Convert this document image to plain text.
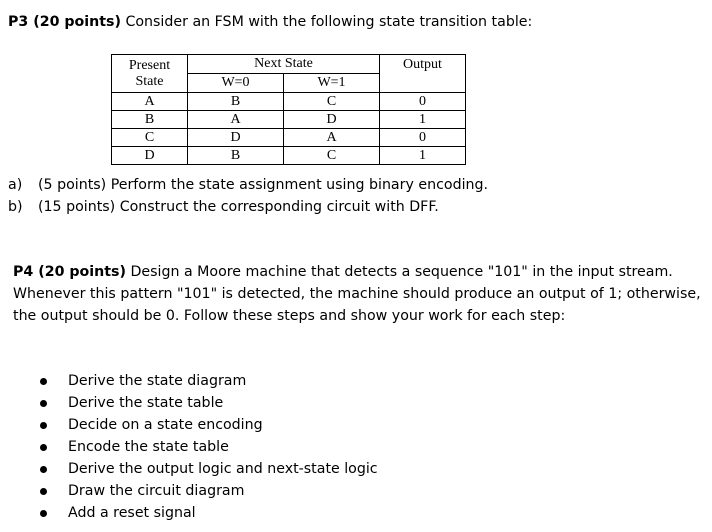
P3 (20 points) Consider an FSM with the following state transition table:
Present
State	Next State		Output
	W=0	W=1	
A	B	C	0
B	A	D	1
C	D	A	0
D	B	C	1
a) (5 points) Perform the state assignment using binary encoding.
b) (15 points) Construct the corresponding circuit with DFF.

P4 (20 points) Design a Moore machine that detects a sequence "101" in the input stream. Whenever this pattern "101" is detected, the machine should produce an output of 1; otherwise, the output should be 0. Follow these steps and show your work for each step:

Derive the state diagram
Derive the state table
Decide on a state encoding
Encode the state table
Derive the output logic and next-state logic
Draw the circuit diagram
Add a reset signal
